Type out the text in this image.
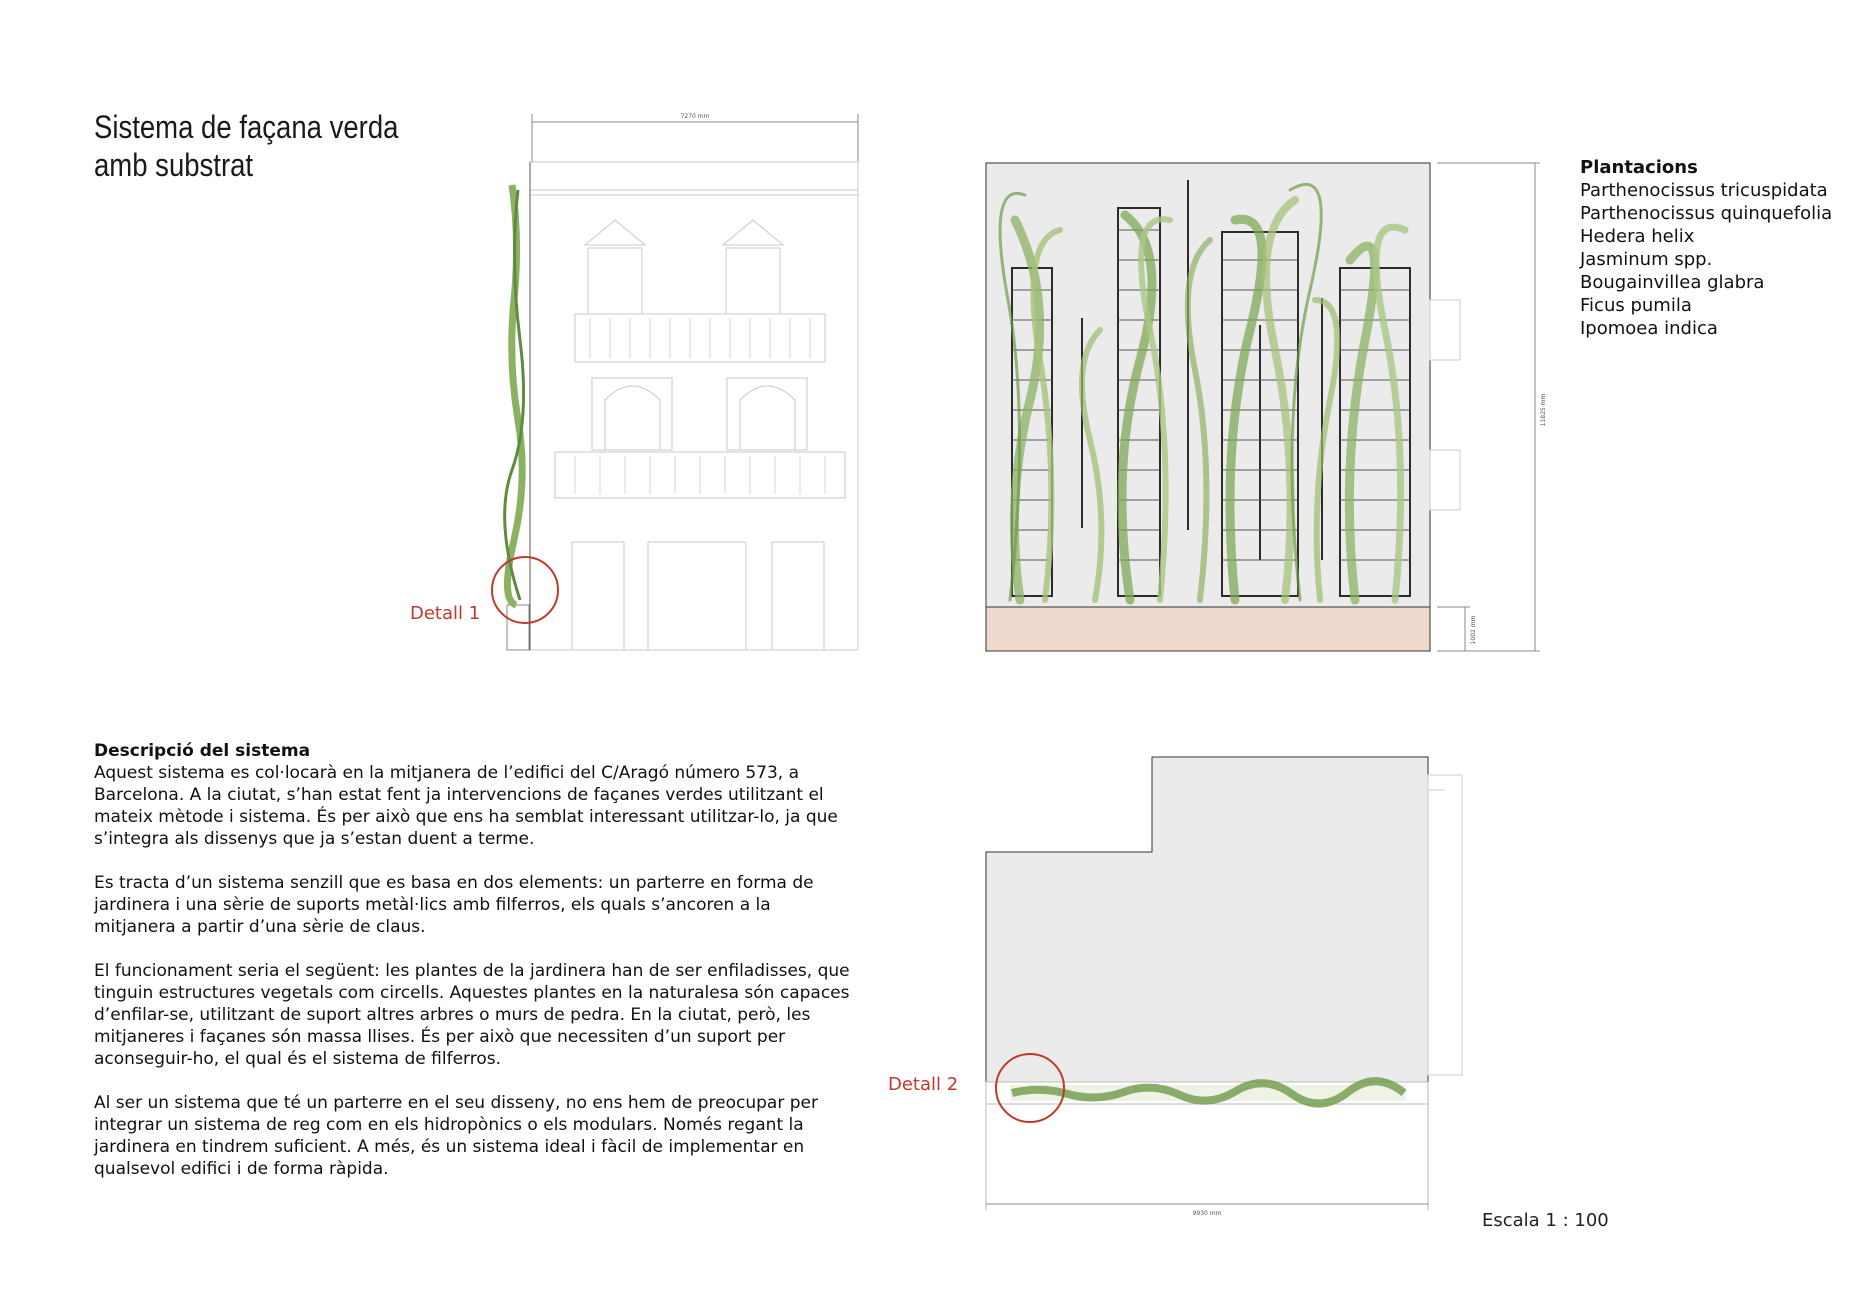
Sistema de façana verda
amb substrat	Plantacions
Parthenocissus tricuspidata
Parthenocissus quinquefolia
Hedera helix
Jasminum spp.
Bougainvillea glabra
Ficus pumila
Ipomoea indica
Descripció del sistema

Aquest sistema es col·locarà en la mitjanera de l’edifici del C/Aragó número 573, a Barcelona. A la ciutat, s’han estat fent ja intervencions de façanes verdes utilitzant el mateix mètode i sistema. És per això que ens ha semblat interessant utilitzar-lo, ja que s’integra als dissenys que ja s’estan duent a terme.

Es tracta d’un sistema senzill que es basa en dos elements: un parterre en forma de jardinera i una sèrie de suports metàl·lics amb filferros, els quals s’ancoren a la mitjanera a partir d’una sèrie de claus.

El funcionament seria el següent: les plantes de la jardinera han de ser enfiladisses, que tinguin estructures vegetals com circells. Aquestes plantes en la naturalesa són capaces d’enfilar-se, utilitzant de suport altres arbres o murs de pedra. En la ciutat, però, les mitjaneres i façanes són massa llises. És per això que necessiten d’un suport per aconseguir-ho, el qual és el sistema de filferros.

Al ser un sistema que té un parterre en el seu disseny, no ens hem de preocupar per integrar un sistema de reg com en els hidropònics o els modulars. Només regant la jardinera en tindrem suficient. A més, és un sistema ideal i fàcil de implementar en qualsevol edifici i de forma ràpida.

7270 mm
11825 mm
1002 mm
9930 mm
Detall 1
Detall 2
Escala 1 : 100
